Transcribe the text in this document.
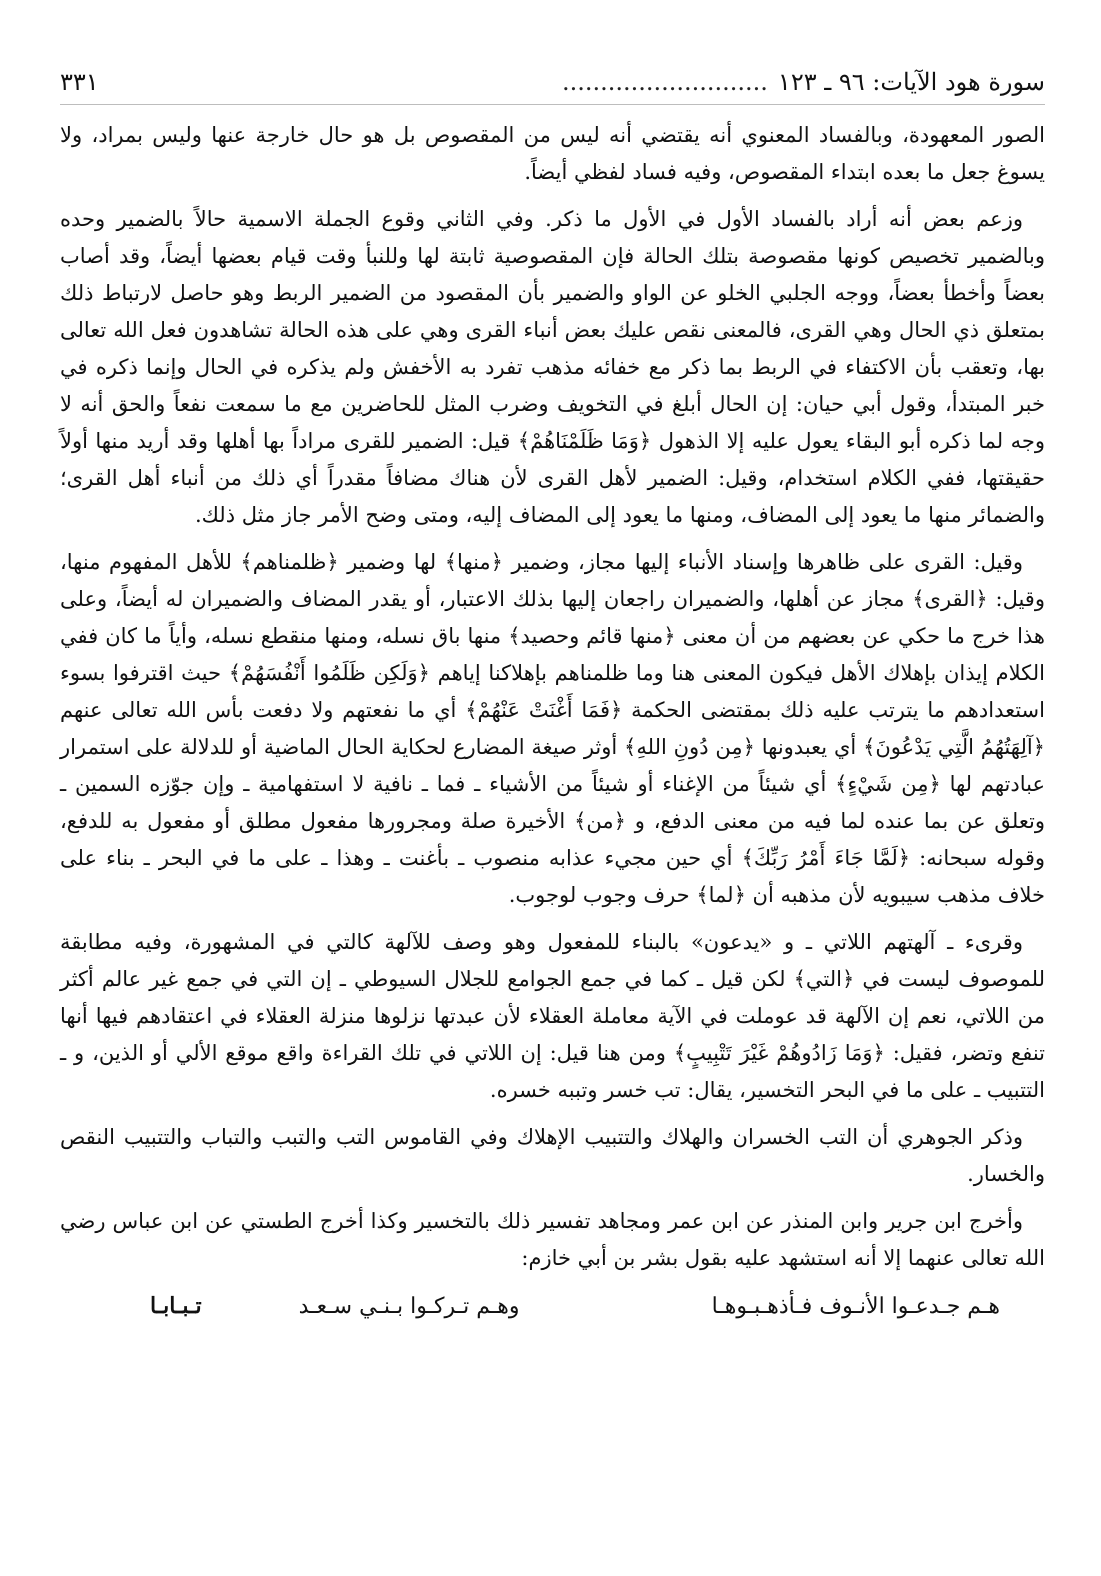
سورة هود الآيات: ٩٦ ـ ١٢٣...........................
٣٣١

الصور المعهودة، وبالفساد المعنوي أنه يقتضي أنه ليس من المقصوص بل هو حال خارجة عنها وليس بمراد، ولا يسوغ جعل ما بعده ابتداء المقصوص، وفيه فساد لفظي أيضاً.

وزعم بعض أنه أراد بالفساد الأول في الأول ما ذكر. وفي الثاني وقوع الجملة الاسمية حالاً بالضمير وحده وبالضمير تخصيص كونها مقصوصة بتلك الحالة فإن المقصوصية ثابتة لها وللنبأ وقت قيام بعضها أيضاً، وقد أصاب بعضاً وأخطأ بعضاً، ووجه الجلبي الخلو عن الواو والضمير بأن المقصود من الضمير الربط وهو حاصل لارتباط ذلك بمتعلق ذي الحال وهي القرى، فالمعنى نقص عليك بعض أنباء القرى وهي على هذه الحالة تشاهدون فعل الله تعالى بها، وتعقب بأن الاكتفاء في الربط بما ذكر مع خفائه مذهب تفرد به الأخفش ولم يذكره في الحال وإنما ذكره في خبر المبتدأ، وقول أبي حيان: إن الحال أبلغ في التخويف وضرب المثل للحاضرين مع ما سمعت نفعاً والحق أنه لا وجه لما ذكره أبو البقاء يعول عليه إلا الذهول ﴿وَمَا ظَلَمْنَاهُمْ﴾ قيل: الضمير للقرى مراداً بها أهلها وقد أريد منها أولاً حقيقتها، ففي الكلام استخدام، وقيل: الضمير لأهل القرى لأن هناك مضافاً مقدراً أي ذلك من أنباء أهل القرى؛ والضمائر منها ما يعود إلى المضاف، ومنها ما يعود إلى المضاف إليه، ومتى وضح الأمر جاز مثل ذلك.

وقيل: القرى على ظاهرها وإسناد الأنباء إليها مجاز، وضمير ﴿منها﴾ لها وضمير ﴿ظلمناهم﴾ للأهل المفهوم منها، وقيل: ﴿القرى﴾ مجاز عن أهلها، والضميران راجعان إليها بذلك الاعتبار، أو يقدر المضاف والضميران له أيضاً، وعلى هذا خرج ما حكي عن بعضهم من أن معنى ﴿منها قائم وحصيد﴾ منها باق نسله، ومنها منقطع نسله، وأياً ما كان ففي الكلام إيذان بإهلاك الأهل فيكون المعنى هنا وما ظلمناهم بإهلاكنا إياهم ﴿وَلَكِن ظَلَمُوا أَنْفُسَهُمْ﴾ حيث اقترفوا بسوء استعدادهم ما يترتب عليه ذلك بمقتضى الحكمة ﴿فَمَا أَغْنَتْ عَنْهُمْ﴾ أي ما نفعتهم ولا دفعت بأس الله تعالى عنهم ﴿آلِهَتُهُمُ الَّتِي يَدْعُونَ﴾ أي يعبدونها ﴿مِن دُونِ اللهِ﴾ أوثر صيغة المضارع لحكاية الحال الماضية أو للدلالة على استمرار عبادتهم لها ﴿مِن شَيْءٍ﴾ أي شيئاً من الإغناء أو شيئاً من الأشياء ـ فما ـ نافية لا استفهامية ـ وإن جوّزه السمين ـ وتعلق عن بما عنده لما فيه من معنى الدفع، و ﴿من﴾ الأخيرة صلة ومجرورها مفعول مطلق أو مفعول به للدفع، وقوله سبحانه: ﴿لَمَّا جَاءَ أَمْرُ رَبِّكَ﴾ أي حين مجيء عذابه منصوب ـ بأغنت ـ وهذا ـ على ما في البحر ـ بناء على خلاف مذهب سيبويه لأن مذهبه أن ﴿لما﴾ حرف وجوب لوجوب.

وقرىء ـ آلهتهم اللاتي ـ و «يدعون» بالبناء للمفعول وهو وصف للآلهة كالتي في المشهورة، وفيه مطابقة للموصوف ليست في ﴿التي﴾ لكن قيل ـ كما في جمع الجوامع للجلال السيوطي ـ إن التي في جمع غير عالم أكثر من اللاتي، نعم إن الآلهة قد عوملت في الآية معاملة العقلاء لأن عبدتها نزلوها منزلة العقلاء في اعتقادهم فيها أنها تنفع وتضر، فقيل: ﴿وَمَا زَادُوهُمْ غَيْرَ تَتْبِيبٍ﴾ ومن هنا قيل: إن اللاتي في تلك القراءة واقع موقع الألي أو الذين، و ـ التتبيب ـ على ما في البحر التخسير، يقال: تب خسر وتببه خسره.

وذكر الجوهري أن التب الخسران والهلاك والتتبيب الإهلاك وفي القاموس التب والتبب والتباب والتتبيب النقص والخسار.

وأخرج ابن جرير وابن المنذر عن ابن عمر ومجاهد تفسير ذلك بالتخسير وكذا أخرج الطستي عن ابن عباس رضي الله تعالى عنهما إلا أنه استشهد عليه بقول بشر بن أبي خازم:

هـم جـدعـوا الأنـوف فـأذهـبـوهـا
وهـم تـركـوا بـنـي سـعـد تـبـابـا
